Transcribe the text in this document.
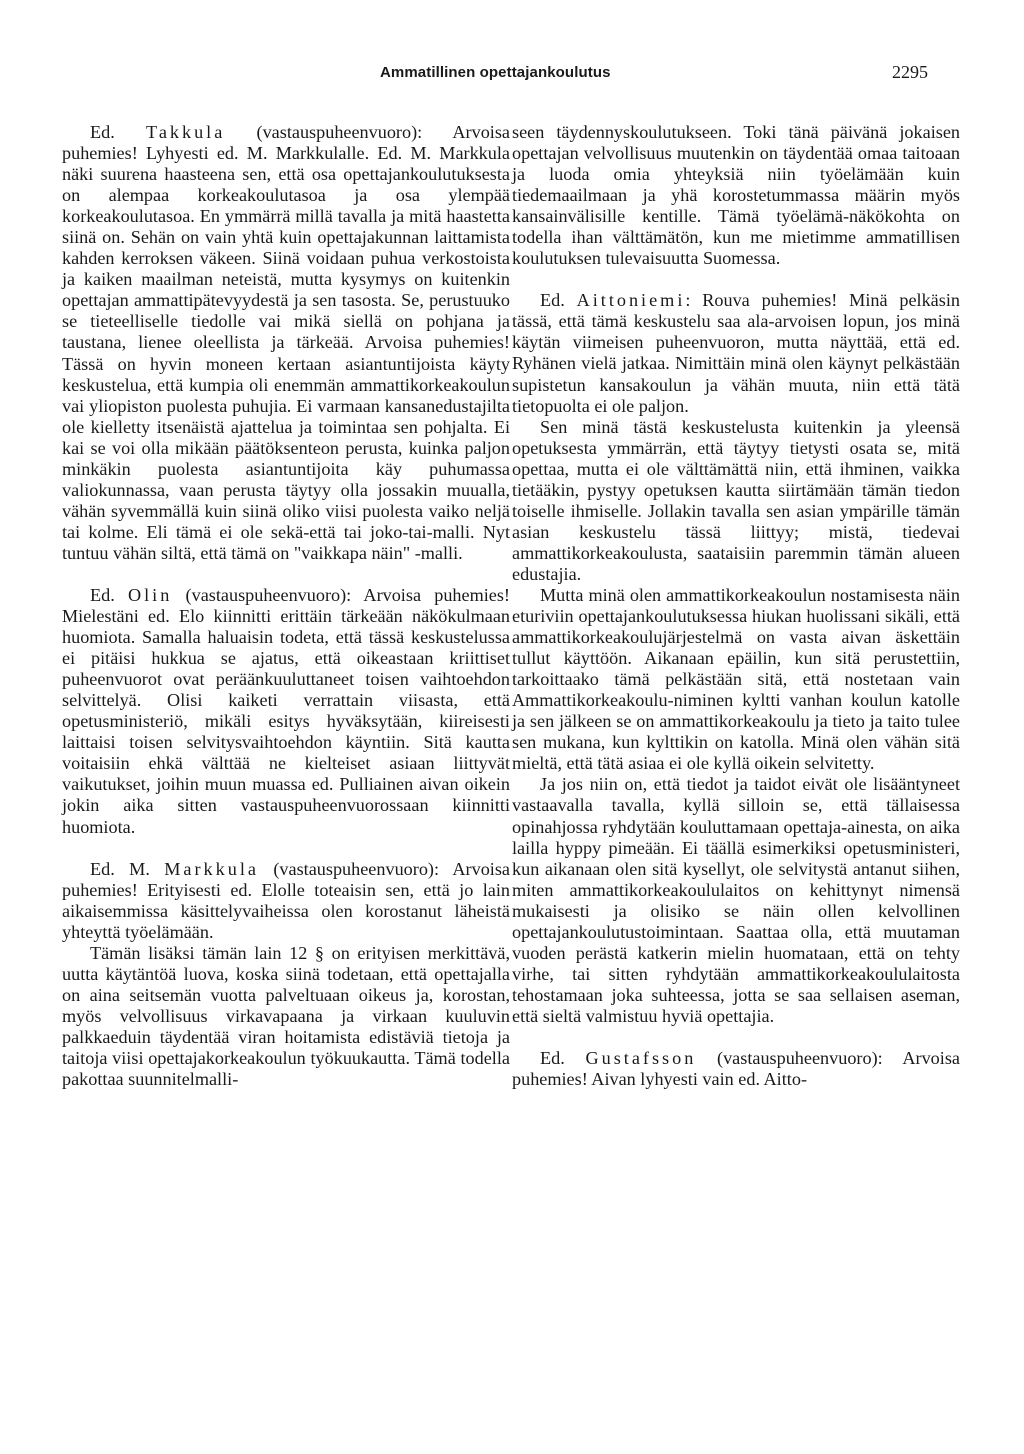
Ammatillinen opettajankoulutus	2295

Ed. Takkula (vastauspuheenvuoro): Arvoisa puhemies! Lyhyesti ed. M. Markkulalle. Ed. M. Markkula näki suurena haasteena sen, että osa opettajankoulutuksesta on alempaa korkeakoulutasoa ja osa ylempää korkeakoulutasoa. En ymmärrä millä tavalla ja mitä haastetta siinä on. Sehän on vain yhtä kuin opettajakunnan laittamista kahden kerroksen väkeen. Siinä voidaan puhua verkostoista ja kaiken maailman neteistä, mutta kysymys on kuitenkin opettajan ammattipätevyydestä ja sen tasosta. Se, perustuuko se tieteelliselle tiedolle vai mikä siellä on pohjana ja taustana, lienee oleellista ja tärkeää. Arvoisa puhemies! Tässä on hyvin moneen kertaan asiantuntijoista käyty keskustelua, että kumpia oli enemmän ammattikorkeakoulun vai yliopiston puolesta puhujia. Ei varmaan kansanedustajilta ole kielletty itsenäistä ajattelua ja toimintaa sen pohjalta. Ei kai se voi olla mikään päätöksenteon perusta, kuinka paljon minkäkin puolesta asiantuntijoita käy puhumassa valiokunnassa, vaan perusta täytyy olla jossakin muualla, vähän syvemmällä kuin siinä oliko viisi puolesta vaiko neljä tai kolme. Eli tämä ei ole sekä-että tai joko-tai-malli. Nyt tuntuu vähän siltä, että tämä on "vaikkapa näin" -malli.

Ed. Olin (vastauspuheenvuoro): Arvoisa puhemies! Mielestäni ed. Elo kiinnitti erittäin tärkeään näkökulmaan huomiota. Samalla haluaisin todeta, että tässä keskustelussa ei pitäisi hukkua se ajatus, että oikeastaan kriittiset puheenvuorot ovat peräänkuuluttaneet toisen vaihtoehdon selvittelyä. Olisi kaiketi verrattain viisasta, että opetusministeriö, mikäli esitys hyväksytään, kiireisesti laittaisi toisen selvitysvaihtoehdon käyntiin. Sitä kautta voitaisiin ehkä välttää ne kielteiset asiaan liittyvät vaikutukset, joihin muun muassa ed. Pulliainen aivan oikein jokin aika sitten vastauspuheenvuorossaan kiinnitti huomiota.

Ed. M. Markkula (vastauspuheenvuoro): Arvoisa puhemies! Erityisesti ed. Elolle toteaisin sen, että jo lain aikaisemmissa käsittelyvaiheissa olen korostanut läheistä yhteyttä työelämään.

Tämän lisäksi tämän lain 12 § on erityisen merkittävä, uutta käytäntöä luova, koska siinä todetaan, että opettajalla on aina seitsemän vuotta palveltuaan oikeus ja, korostan, myös velvollisuus virkavapaana ja virkaan kuuluvin palkkaeduin täydentää viran hoitamista edistäviä tietoja ja taitoja viisi opettajakorkeakoulun työkuukautta. Tämä todella pakottaa suunnitelmalli-

seen täydennyskoulutukseen. Toki tänä päivänä jokaisen opettajan velvollisuus muutenkin on täydentää omaa taitoaan ja luoda omia yhteyksiä niin työelämään kuin tiedemaailmaan ja yhä korostetummassa määrin myös kansainvälisille kentille. Tämä työelämä-näkökohta on todella ihan välttämätön, kun me mietimme ammatillisen koulutuksen tulevaisuutta Suomessa.

Ed. Aittoniemi: Rouva puhemies! Minä pelkäsin tässä, että tämä keskustelu saa ala-arvoisen lopun, jos minä käytän viimeisen puheenvuoron, mutta näyttää, että ed. Ryhänen vielä jatkaa. Nimittäin minä olen käynyt pelkästään supistetun kansakoulun ja vähän muuta, niin että tätä tietopuolta ei ole paljon.

Sen minä tästä keskustelusta kuitenkin ja yleensä opetuksesta ymmärrän, että täytyy tietysti osata se, mitä opettaa, mutta ei ole välttämättä niin, että ihminen, vaikka tietääkin, pystyy opetuksen kautta siirtämään tämän tiedon toiselle ihmiselle. Jollakin tavalla sen asian ympärille tämän asian keskustelu tässä liittyy; mistä, tiedevai ammattikorkeakoulusta, saataisiin paremmin tämän alueen edustajia.

Mutta minä olen ammattikorkeakoulun nostamisesta näin eturiviin opettajankoulutuksessa hiukan huolissani sikäli, että ammattikorkeakoulujärjestelmä on vasta aivan äskettäin tullut käyttöön. Aikanaan epäilin, kun sitä perustettiin, tarkoittaako tämä pelkästään sitä, että nostetaan vain Ammattikorkeakoulu-niminen kyltti vanhan koulun katolle ja sen jälkeen se on ammattikorkeakoulu ja tieto ja taito tulee sen mukana, kun kylttikin on katolla. Minä olen vähän sitä mieltä, että tätä asiaa ei ole kyllä oikein selvitetty.

Ja jos niin on, että tiedot ja taidot eivät ole lisääntyneet vastaavalla tavalla, kyllä silloin se, että tällaisessa opinahjossa ryhdytään kouluttamaan opettaja-ainesta, on aika lailla hyppy pimeään. Ei täällä esimerkiksi opetusministeri, kun aikanaan olen sitä kysellyt, ole selvitystä antanut siihen, miten ammattikorkeakoululaitos on kehittynyt nimensä mukaisesti ja olisiko se näin ollen kelvollinen opettajankoulutustoimintaan. Saattaa olla, että muutaman vuoden perästä katkerin mielin huomataan, että on tehty virhe, tai sitten ryhdytään ammattikorkeakoululaitosta tehostamaan joka suhteessa, jotta se saa sellaisen aseman, että sieltä valmistuu hyviä opettajia.

Ed. Gustafsson (vastauspuheenvuoro): Arvoisa puhemies! Aivan lyhyesti vain ed. Aitto-
